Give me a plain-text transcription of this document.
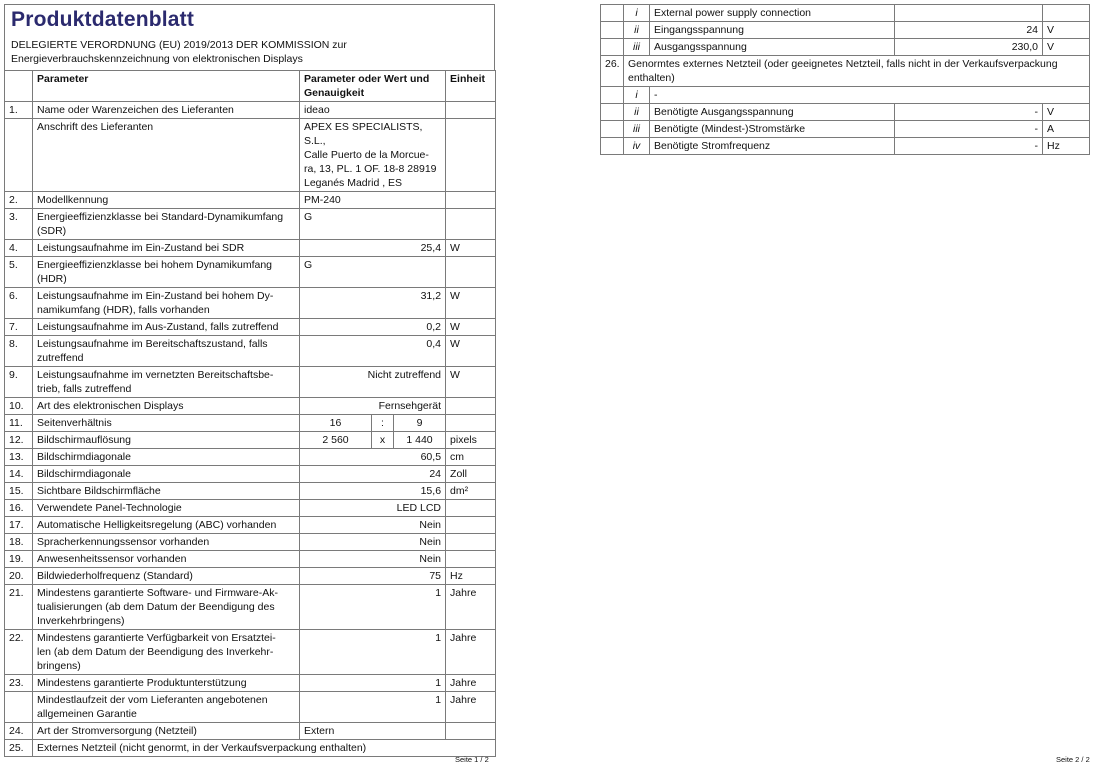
Produktdatenblatt
DELEGIERTE VERORDNUNG (EU) 2019/2013 DER KOMMISSION zur
Energieverbrauchskennzeichnung von elektronischen Displays
	Parameter	Parameter oder Wert und Genauigkeit			Einheit
1.	Name oder Warenzeichen des Lieferanten	ideao			
	Anschrift des Lieferanten	APEX ES SPECIALISTS, S.L.,
Calle Puerto de la Morcue-
ra, 13, PL. 1 OF. 18-8 28919
Leganés Madrid , ES			

2.	Modellkennung	PM-240			
3.	Energieeffizienzklasse bei Standard-Dynamikumfang
(SDR)	G			
4.	Leistungsaufnahme im Ein-Zustand bei SDR	25,4			W
5.	Energieeffizienzklasse bei hohem Dynamikumfang
(HDR)	G			
6.	Leistungsaufnahme im Ein-Zustand bei hohem Dy-
namikumfang (HDR), falls vorhanden	31,2			W
7.	Leistungsaufnahme im Aus-Zustand, falls zutreffend	0,2			W
8.	Leistungsaufnahme im Bereitschaftszustand, falls
zutreffend	0,4			W
9.	Leistungsaufnahme im vernetzten Bereitschaftsbe-
trieb, falls zutreffend	Nicht zutreffend			W
10.	Art des elektronischen Displays	Fernsehgerät			
11.	Seitenverhältnis	16	:	9	
12.	Bildschirmauflösung	2 560	x	1 440	pixels
13.	Bildschirmdiagonale	60,5			cm
14.	Bildschirmdiagonale	24			Zoll
15.	Sichtbare Bildschirmfläche	15,6			dm²
16.	Verwendete Panel-Technologie	LED LCD			
17.	Automatische Helligkeitsregelung (ABC) vorhanden	Nein			
18.	Spracherkennungssensor vorhanden	Nein			
19.	Anwesenheitssensor vorhanden	Nein			
20.	Bildwiederholfrequenz (Standard)	75			Hz
21.	Mindestens garantierte Software- und Firmware-Ak-
tualisierungen (ab dem Datum der Beendigung des
Inverkehrbringens)	1			Jahre
22.	Mindestens garantierte Verfügbarkeit von Ersatztei-
len (ab dem Datum der Beendigung des Inverkehr-
bringens)	1			Jahre
23.	Mindestens garantierte Produktunterstützung	1			Jahre

	Mindestlaufzeit der vom Lieferanten angebotenen
allgemeinen Garantie	1			Jahre
24.	Art der Stromversorgung (Netzteil)	Extern			
25.	Externes Netzteil (nicht genormt, in der Verkaufsverpackung enthalten)				
Seite 1 / 2
	i	External power supply connection		
	ii	Eingangsspannung	24	V
	iii	Ausgangsspannung	230,0	V
26.	Genormtes externes Netzteil (oder geeignetes Netzteil, falls nicht in der Verkaufsverpackung
enthalten)			

	i	-		
	ii	Benötigte Ausgangsspannung	-	V
	iii	Benötigte (Mindest-)Stromstärke	-	A
	iv	Benötigte Stromfrequenz	-	Hz
Seite 2 / 2
